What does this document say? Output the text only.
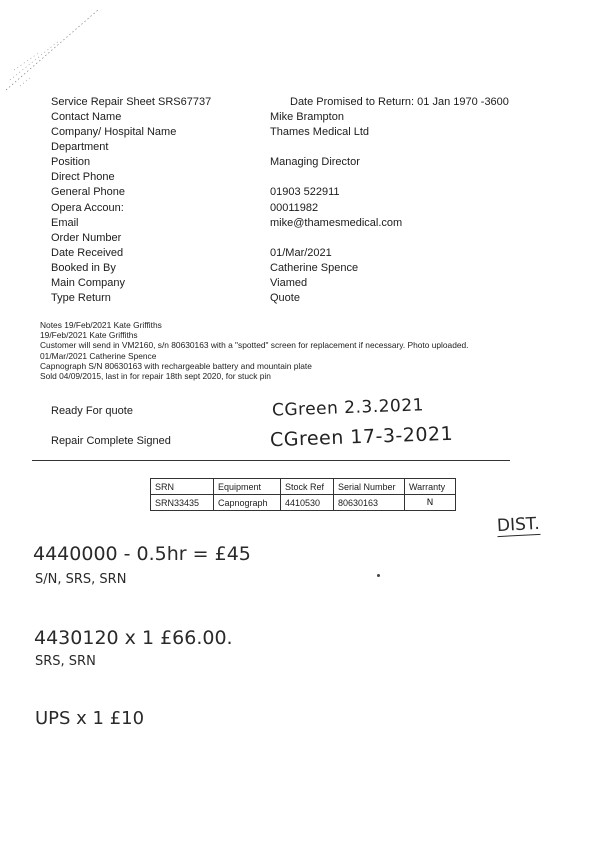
Service Repair Sheet SRS67737	Date Promised to Return: 01 Jan 1970 -3600
Contact Name	Mike Brampton
Company/ Hospital Name	Thames Medical Ltd
Department
Position	Managing Director
Direct Phone
General Phone	01903 522911
Opera Accoun:	00011982
Email	mike@thamesmedical.com
Order Number
Date Received	01/Mar/2021
Booked in By	Catherine Spence
Main Company	Viamed
Type Return	Quote
Notes 19/Feb/2021 Kate Griffiths
19/Feb/2021 Kate Griffiths
Customer will send in VM2160, s/n 80630163 with a "spotted" screen for replacement if necessary. Photo uploaded.
01/Mar/2021 Catherine Spence
Capnograph S/N 80630163 with rechargeable battery and mountain plate
Sold 04/09/2015, last in for repair 18th sept 2020, for stuck pin
Ready For quote	CGreen 2.3.2021
Repair Complete Signed	CGreen 17-3-2021
SRN	Equipment	Stock Ref	Serial Number	Warranty
SRN33435	Capnograph	4410530	80630163	N
DIST.
4440000 - 0.5hr = £45
S/N, SRS, SRN
4430120 x 1 £66.00.
SRS, SRN
UPS x 1 £10
